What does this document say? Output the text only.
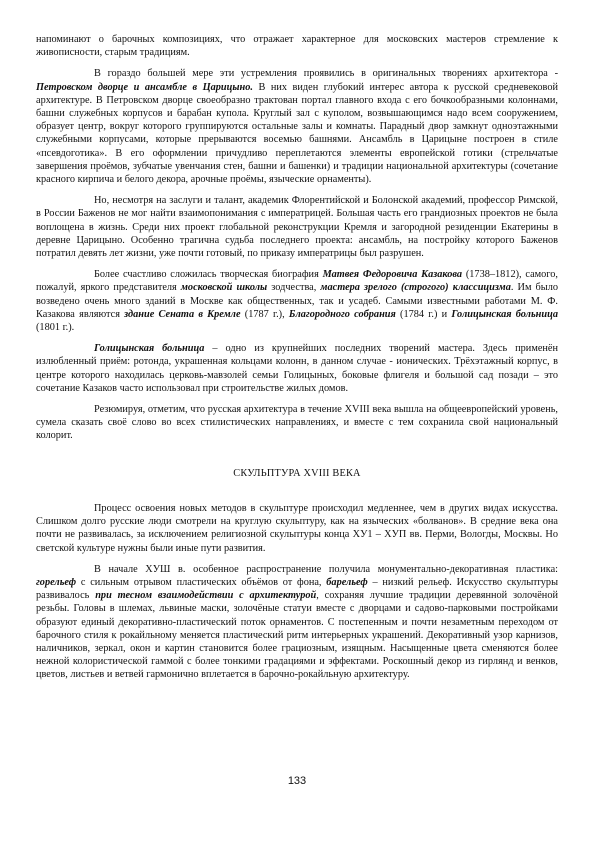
напоминают о барочных композициях, что отражает характерное для московских мастеров стремление к живописности, старым традициям.

В гораздо большей мере эти устремления проявились в оригинальных творениях архитектора - Петровском дворце и ансамбле в Царицыно. В них виден глубокий интерес автора к русской средневековой архитектуре. В Петровском дворце своеобразно трактован портал главного входа с его бочкообразными колоннами, башни служебных корпусов и барабан купола. Круглый зал с куполом, возвышающимся надо всем сооружением, образует центр, вокруг которого группируются остальные залы и комнаты. Парадный двор замкнут одноэтажными служебными корпусами, которые прерываются восемью башнями. Ансамбль в Царицыне построен в стиле «псевдоготика». В его оформлении причудливо переплетаются элементы европейской готики (стрельчатые завершения проёмов, зубчатые увенчания стен, башни и башенки) и традиции национальной архитектуры (сочетание красного кирпича и белого декора, арочные проёмы, языческие орнаменты).

Но, несмотря на заслуги и талант, академик Флорентийской и Болонской академий, профессор Римской, в России Баженов не мог найти взаимопонимания с императрицей. Большая часть его грандиозных проектов не была воплощена в жизнь. Среди них проект глобальной реконструкции Кремля и загородной резиденции Екатерины в деревне Царицыно. Особенно трагична судьба последнего проекта: ансамбль, на постройку которого Баженов потратил девять лет жизни, уже почти готовый, по приказу императрицы был разрушен.

Более счастливо сложилась творческая биография Матвея Федоровича Казакова (1738–1812), самого, пожалуй, яркого представителя московской школы зодчества, мастера зрелого (строгого) классицизма. Им было возведено очень много зданий в Москве как общественных, так и усадеб. Самыми известными работами М. Ф. Казакова являются здание Сената в Кремле (1787 г.), Благородного собрания (1784 г.) и Голицынская больница (1801 г.).

Голицынская больница – одно из крупнейших последних творений мастера. Здесь применён излюбленный приём: ротонда, украшенная кольцами колонн, в данном случае - ионических. Трёхэтажный корпус, в центре которого находилась церковь-мавзолей семьи Голицыных, боковые флигеля и большой сад позади – это сочетание Казаков часто использовал при строительстве жилых домов.

Резюмируя, отметим, что русская архитектура в течение XVIII века вышла на общеевропейский уровень, сумела сказать своё слово во всех стилистических направлениях, и вместе с тем сохранила свой национальный колорит.

СКУЛЬПТУРА XVIII ВЕКА

Процесс освоения новых методов в скульптуре происходил медленнее, чем в других видах искусства. Слишком долго русские люди смотрели на круглую скульптуру, как на языческих «болванов». В средние века она почти не развивалась, за исключением религиозной скульптуры конца XУ1 – XУП вв. Перми, Вологды, Москвы. Но светской культуре нужны были иные пути развития.

В начале XУШ в. особенное распространение получила монументально-декоративная пластика: горельеф с сильным отрывом пластических объёмов от фона, барельеф – низкий рельеф. Искусство скульптуры развивалось при тесном взаимодействии с архитектурой, сохраняя лучшие традиции деревянной золочёной резьбы. Головы в шлемах, львиные маски, золочёные статуи вместе с дворцами и садово-парковыми постройками образуют единый декоративно-пластический поток орнаментов. С постепенным и почти незаметным переходом от барочного стиля к рокайльному меняется пластический ритм интерьерных украшений. Декоративный узор карнизов, наличников, зеркал, окон и картин становится более грациозным, изящным. Насыщенные цвета сменяются более нежной колористической гаммой с более тонкими градациями и эффектами. Роскошный декор из гирлянд и венков, цветов, листьев и ветвей гармонично вплетается в барочно-рокайльную архитектуру.

133
